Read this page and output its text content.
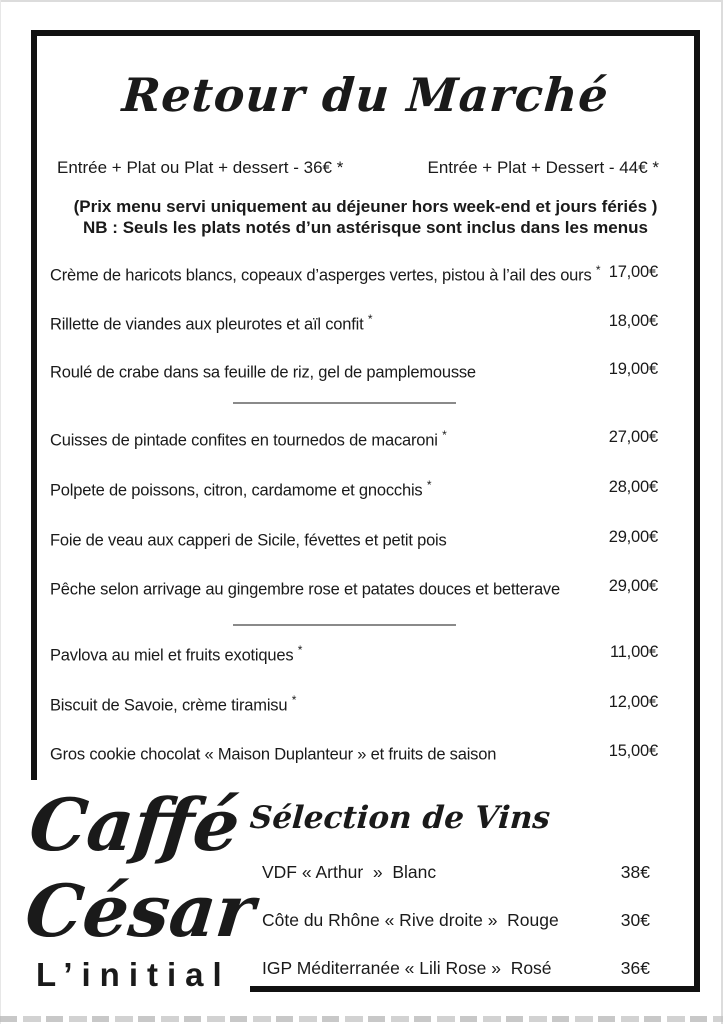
Retour du Marché
Entrée + Plat ou Plat + dessert - 36€ *	Entrée + Plat + Dessert - 44€ *
(Prix menu servi uniquement au déjeuner hors week-end et jours fériés )
NB : Seuls les plats notés d’un astérisque sont inclus dans les menus
Crème de haricots blancs, copeaux d’asperges vertes, pistou à l’ail des ours * 17,00€
Rillette de viandes aux pleurotes et aïl confit *	18,00€
Roulé de crabe dans sa feuille de riz, gel de pamplemousse	19,00€
Cuisses de pintade confites en tournedos de macaroni *	27,00€
Polpete de poissons, citron, cardamome et gnocchis *	28,00€
Foie de veau aux capperi de Sicile, févettes et petit pois	29,00€
Pêche selon arrivage au gingembre rose et patates douces et betterave	29,00€
Pavlova au miel et fruits exotiques *	11,00€
Biscuit de Savoie, crème tiramisu *	12,00€
Gros cookie chocolat « Maison Duplanteur » et fruits de saison	15,00€
Caffé
César
L’initial
Sélection de Vins
VDF « Arthur  »  Blanc	38€
Côte du Rhône « Rive droite »  Rouge	30€
IGP Méditerranée « Lili Rose »  Rosé	36€
